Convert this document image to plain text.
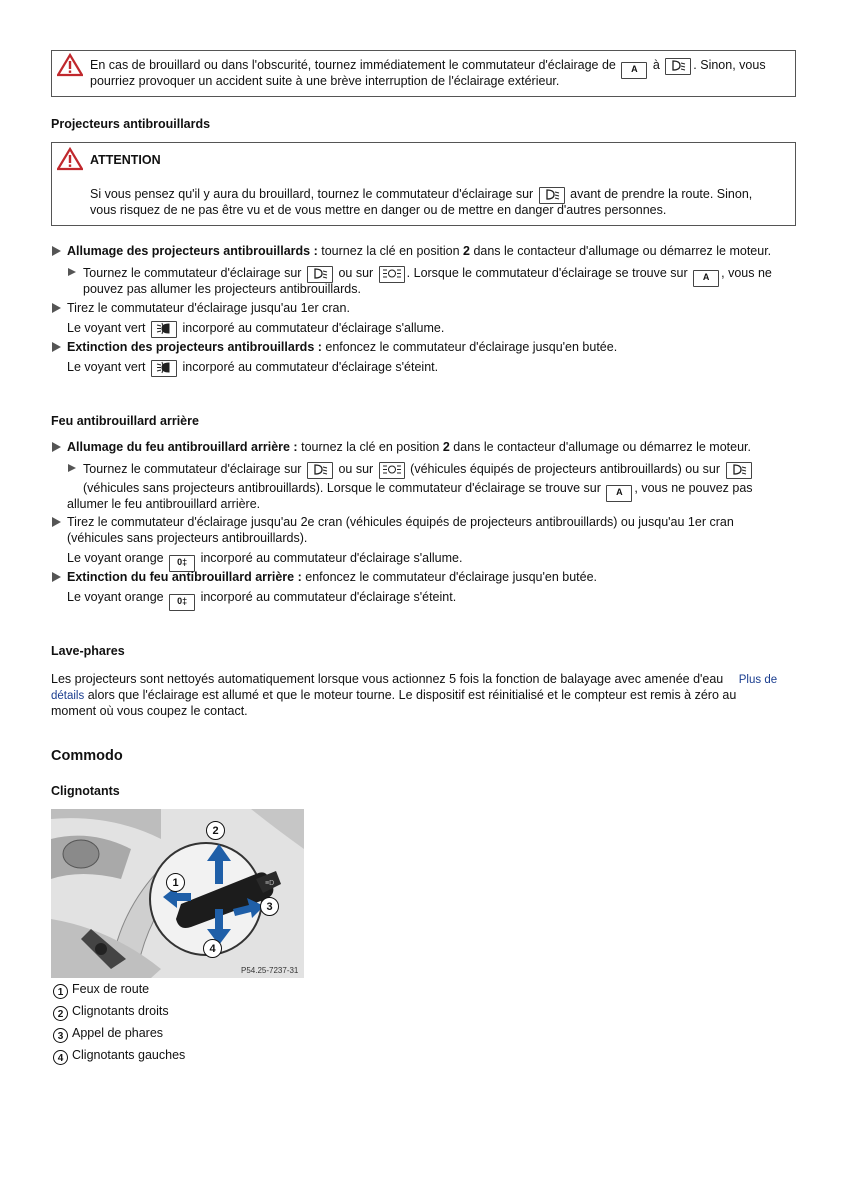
En cas de brouillard ou dans l'obscurité, tournez immédiatement le commutateur d'éclairage de A à	. Sinon, vous
pourriez provoquer un accident suite à une brève interruption de l'éclairage extérieur.
Projecteurs antibrouillards
ATTENTION
Si vous pensez qu'il y aura du brouillard, tournez le commutateur d'éclairage sur	avant de prendre la route. Sinon,
vous risquez de ne pas être vu et de vous mettre en danger ou de mettre en danger d'autres personnes.
Allumage des projecteurs antibrouillards : tournez la clé en position 2 dans le contacteur d'allumage ou démarrez le moteur.
Tournez le commutateur d'éclairage sur	ou sur	. Lorsque le commutateur d'éclairage se trouve sur A , vous ne
pouvez pas allumer les projecteurs antibrouillards.
Tirez le commutateur d'éclairage jusqu'au 1er cran.
Le voyant vert	incorporé au commutateur d'éclairage s'allume.
Extinction des projecteurs antibrouillards : enfoncez le commutateur d'éclairage jusqu'en butée.
Le voyant vert	incorporé au commutateur d'éclairage s'éteint.
Feu antibrouillard arrière
Allumage du feu antibrouillard arrière : tournez la clé en position 2 dans le contacteur d'allumage ou démarrez le moteur.
Tournez le commutateur d'éclairage sur	ou sur	(véhicules équipés de projecteurs antibrouillards) ou sur
(véhicules sans projecteurs antibrouillards). Lorsque le commutateur d'éclairage se trouve sur A , vous ne pouvez pas
allumer le feu antibrouillard arrière.
Tirez le commutateur d'éclairage jusqu'au 2e cran (véhicules équipés de projecteurs antibrouillards) ou jusqu'au 1er cran
(véhicules sans projecteurs antibrouillards).
Le voyant orange 0‡ incorporé au commutateur d'éclairage s'allume.
Extinction du feu antibrouillard arrière : enfoncez le commutateur d'éclairage jusqu'en butée.
Le voyant orange 0‡ incorporé au commutateur d'éclairage s'éteint.
Lave-phares
Les projecteurs sont nettoyés automatiquement lorsque vous actionnez 5 fois la fonction de balayage avec amenée d'eau Plus de
détails alors que l'éclairage est allumé et que le moteur tourne. Le dispositif est réinitialisé et le compteur est remis à zéro au
moment où vous coupez le contact.
Commodo
Clignotants
≡D
1
2
3
4
P54.25-7237-31
1 Feux de route
2 Clignotants droits
3 Appel de phares
4 Clignotants gauches
